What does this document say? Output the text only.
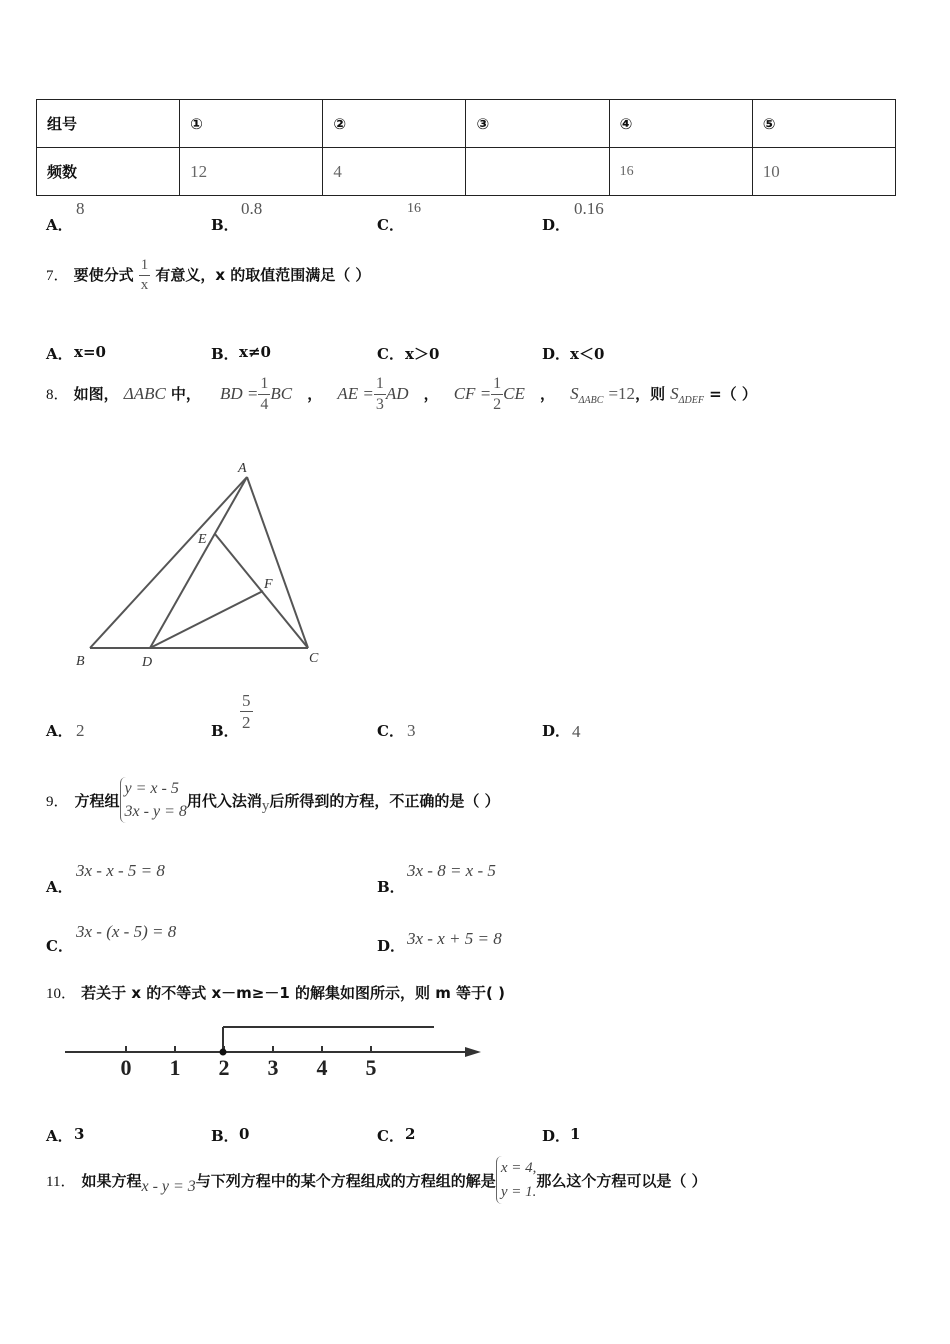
组号	①	②	③	④	⑤
频数	12	4		16	10
A．
8
B．
0.8
C．
16
D．
0.16
7． 要使分式 $\frac{1}{x}$ 有意义，x 的取值范围满足（ ）
A． x=0	B． x≠0	C． x＞0	D． x＜0
8． 如图， ΔABC 中， BD = $\frac{1}{4}$ BC ， AE = $\frac{1}{3}$ AD ， CF = $\frac{1}{2}$ CE ， $S_{\Delta ABC} =12$，则 $S_{\Delta DEF}$ =（ ）
A
B	C
D
E
F
A． 2	B． $\frac{5}{2}$	C． 3	D． 4
9． 方程组
y = x - 5
3x - y = 8
用代入法消 y 后所得到的方程，不正确的是（ ）
A．
3x - x - 5 = 8
B．
3x - 8 = x - 5
C．
3x - (x - 5) = 8
D． 3x - x + 5 = 8
10． 若关于 x 的不等式 x－m≥－1 的解集如图所示，则 m 等于( )
0 1 2 3 4 5
A． 3	B． 0	C． 2	D． 1
11． 如果方程 x - y = 3 与下列方程中的某个方程组成的方程组的解是
x = 4,
y = 1.
那么这个方程可以是（ ）
